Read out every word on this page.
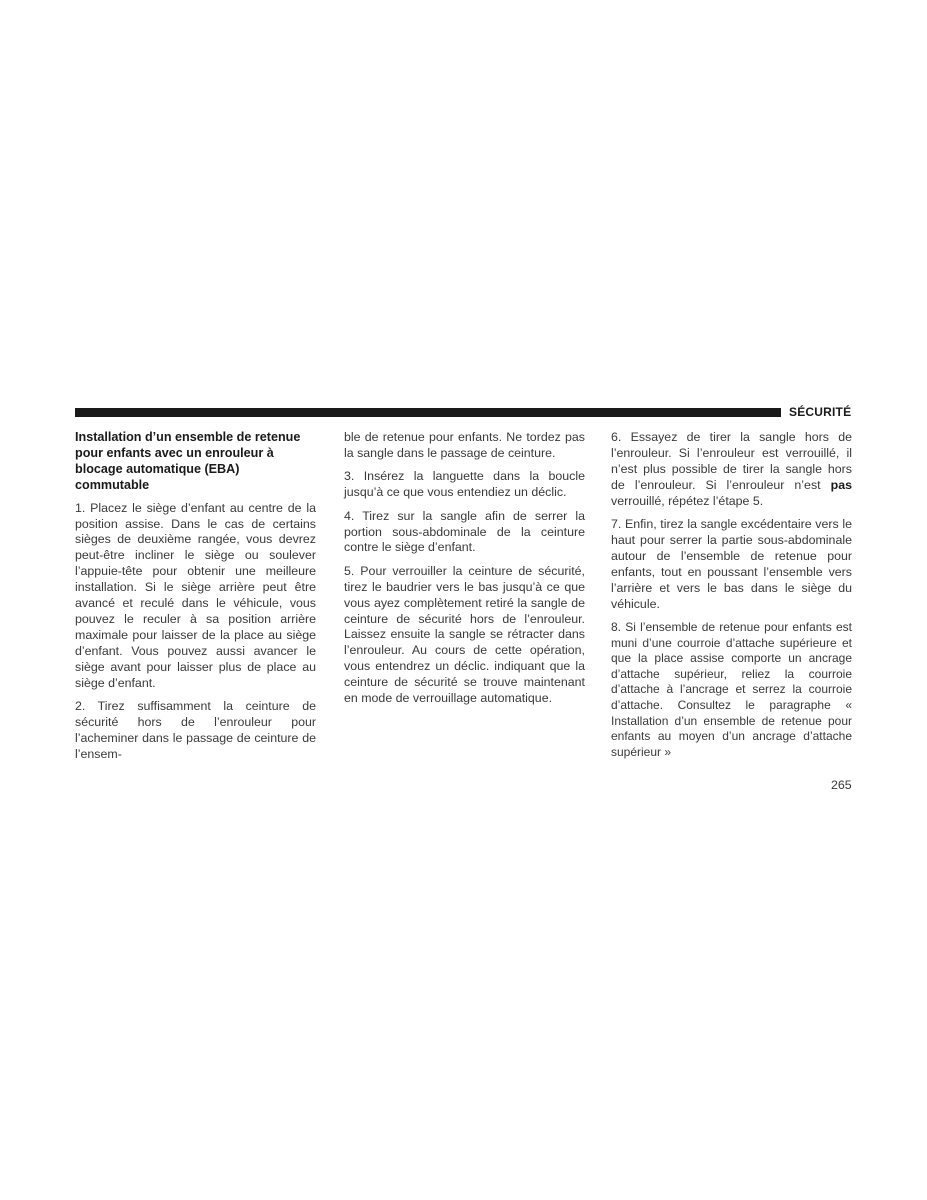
SÉCURITÉ
Installation d’un ensemble de retenue pour enfants avec un enrouleur à blocage automatique (EBA) commutable

1. Placez le siège d’enfant au centre de la position assise. Dans le cas de certains sièges de deuxième rangée, vous devrez peut-être incliner le siège ou soulever l’appuie-tête pour obtenir une meilleure installation. Si le siège arrière peut être avancé et reculé dans le véhicule, vous pouvez le reculer à sa position arrière maximale pour laisser de la place au siège d’enfant. Vous pouvez aussi avancer le siège avant pour laisser plus de place au siège d’enfant.

2. Tirez suffisamment la ceinture de sécurité hors de l’enrouleur pour l’acheminer dans le passage de ceinture de l’ensem-

ble de retenue pour enfants. Ne tordez pas la sangle dans le passage de ceinture.

3. Insérez la languette dans la boucle jusqu’à ce que vous entendiez un déclic.

4. Tirez sur la sangle afin de serrer la portion sous-abdominale de la ceinture contre le siège d’enfant.

5. Pour verrouiller la ceinture de sécurité, tirez le baudrier vers le bas jusqu’à ce que vous ayez complètement retiré la sangle de ceinture de sécurité hors de l’enrouleur. Laissez ensuite la sangle se rétracter dans l’enrouleur. Au cours de cette opération, vous entendrez un déclic. indiquant que la ceinture de sécurité se trouve maintenant en mode de verrouillage automatique.

6. Essayez de tirer la sangle hors de l’enrouleur. Si l’enrouleur est verrouillé, il n’est plus possible de tirer la sangle hors de l’enrouleur. Si l’enrouleur n’est pas verrouillé, répétez l’étape 5.

7. Enfin, tirez la sangle excédentaire vers le haut pour serrer la partie sous-abdominale autour de l’ensemble de retenue pour enfants, tout en poussant l’ensemble vers l’arrière et vers le bas dans le siège du véhicule.

8. Si l’ensemble de retenue pour enfants est muni d’une courroie d’attache supérieure et que la place assise comporte un ancrage d’attache supérieur, reliez la courroie d’attache à l’ancrage et serrez la courroie d’attache. Consultez le paragraphe « Installation d’un ensemble de retenue pour enfants au moyen d’un ancrage d’attache supérieur »

265
